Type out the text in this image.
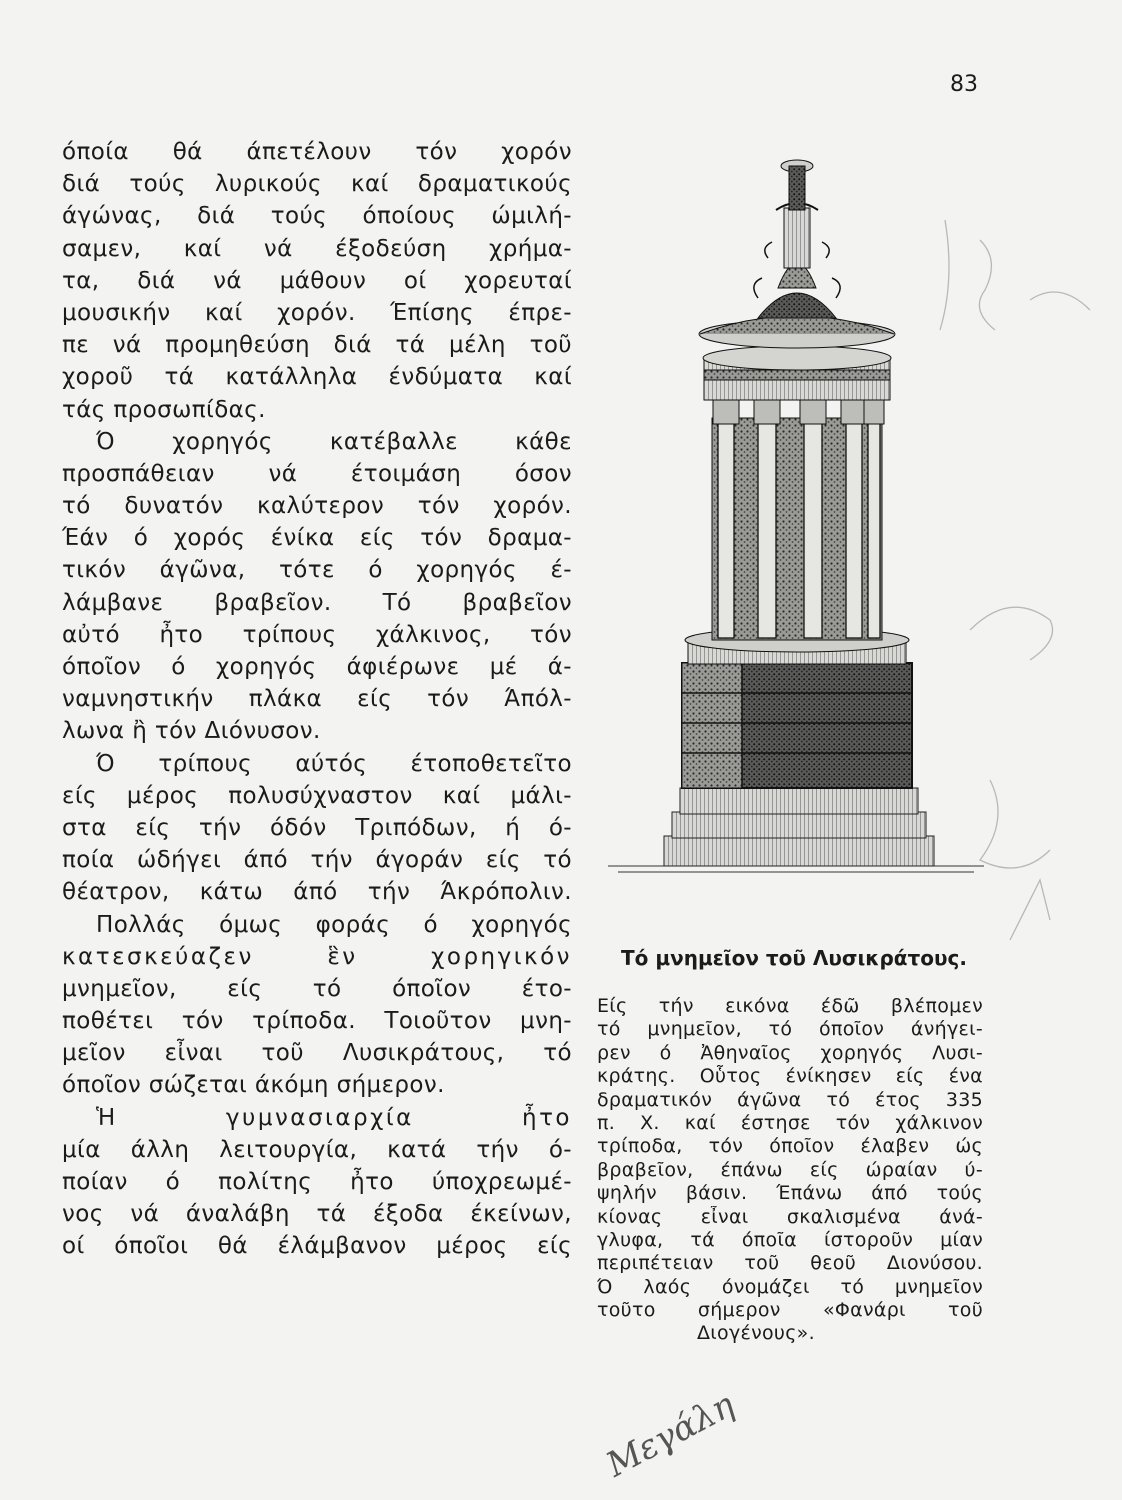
83
όποία θά άπετέλουν τόν χορόν
διά τούς λυρικούς καί δραματικούς
άγώνας, διά τούς όποίους ώμιλή-
σαμεν, καί νά έξοδεύση χρήμα-
τα, διά νά μάθουν οί χορευταί
μουσικήν καί χορόν. Έπίσης έπρε-
πε νά προμηθεύση διά τά μέλη τοῦ
χοροῦ τά κατάλληλα ένδύματα καί
τάς προσωπίδας.
Ό χορηγός κατέβαλλε κάθε
προσπάθειαν νά έτοιμάση όσον
τό δυνατόν καλύτερον τόν χορόν.
Έάν ό χορός ένίκα είς τόν δραμα-
τικόν άγῶνα, τότε ό χορηγός έ-
λάμβανε βραβεῖον. Τό βραβεῖον
αὐτό ἦτο τρίπους χάλκινος, τόν
όποῖον ό χορηγός άφιέρωνε μέ ά-
ναμνηστικήν πλάκα είς τόν Άπόλ-
λωνα ἢ τόν Διόνυσον.
Ό τρίπους αύτός έτοποθετεῖτο
είς μέρος πολυσύχναστον καί μάλι-
στα είς τήν όδόν Τριπόδων, ή ό-
ποία ώδήγει άπό τήν άγοράν είς τό
θέατρον, κάτω άπό τήν Άκρόπολιν.
Πολλάς όμως φοράς ό χορηγός
κατεσκεύαζεν ἓν χορηγικόν
μνημεῖον, είς τό όποῖον έτο-
ποθέτει τόν τρίποδα. Τοιοῦτον μνη-
μεῖον εἶναι τοῦ Λυσικράτους, τό
όποῖον σώζεται άκόμη σήμερον.
Ἡ γυμνασιαρχία ἦτο
μία άλλη λειτουργία, κατά τήν ό-
ποίαν ό πολίτης ἦτο ύποχρεωμέ-
νος νά άναλάβη τά έξοδα έκείνων,
οί όποῖοι θά έλάμβανον μέρος είς
Τό μνημεῖον τοῦ Λυσικράτους.
Είς τήν εικόνα έδῶ βλέπομεν
τό μνημεῖον, τό όποῖον άνήγει-
ρεν ό Ἀθηναῖος χορηγός Λυσι-
κράτης. Οὗτος ένίκησεν είς ένα
δραματικόν άγῶνα τό έτος 335
π. Χ. καί έστησε τόν χάλκινον
τρίποδα, τόν όποῖον έλαβεν ώς
βραβεῖον, έπάνω είς ώραίαν ύ-
ψηλήν βάσιν. Έπάνω άπό τούς
κίονας εἶναι σκαλισμένα άνά-
γλυφα, τά όποῖα ίστοροῦν μίαν
περιπέτειαν τοῦ θεοῦ Διονύσου.
Ό λαός όνομάζει τό μνημεῖον
τοῦτο σήμερον «Φανάρι τοῦ
Διογένους».
Μεγάλη
